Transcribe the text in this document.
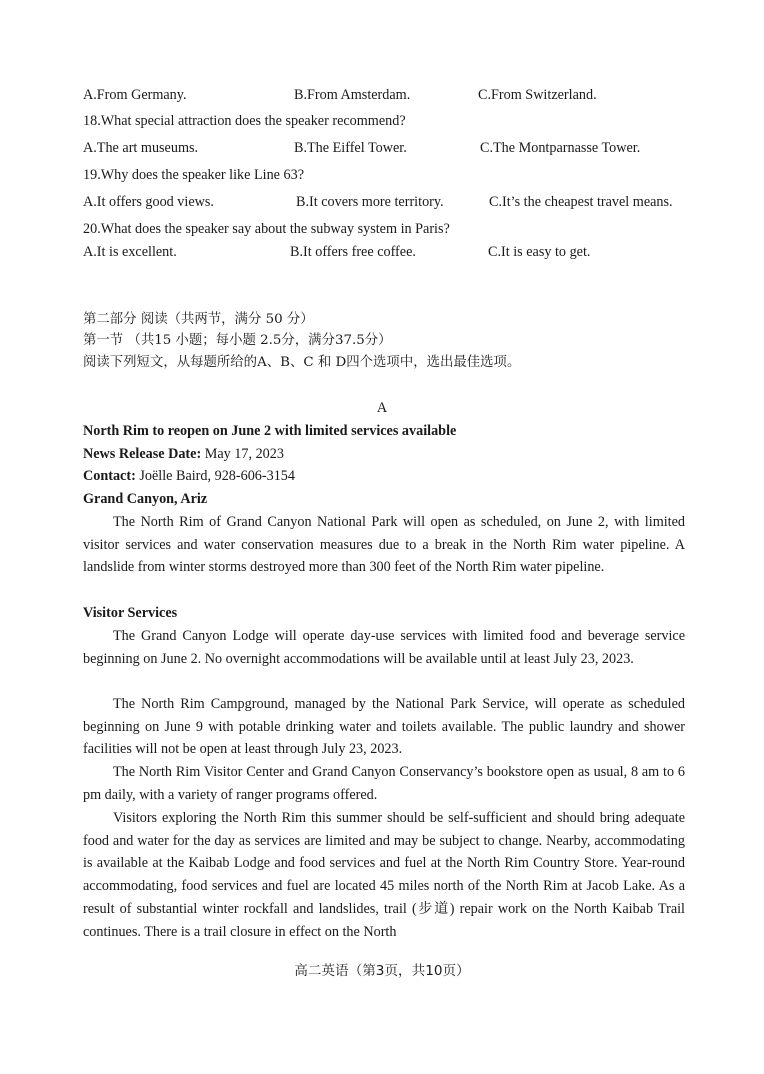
A.From Germany.	B.From Amsterdam.	C.From Switzerland.
18.What special attraction does the speaker recommend?
A.The art museums.	B.The Eiffel Tower.	C.The Montparnasse Tower.
19.Why does the speaker like Line 63?
A.It offers good views.	B.It covers more territory.	C.It’s the cheapest travel means.
20.What does the speaker say about the subway system in Paris?
A.It is excellent.	B.It offers free coffee.	C.It is easy to get.
第二部分 阅读（共两节，满分 50 分）
第一节 （共15 小题；每小题 2.5分，满分37.5分）
阅读下列短文，从每题所给的A、B、C 和 D四个选项中，选出最佳选项。
A
North Rim to reopen on June 2 with limited services available
News Release Date: May 17, 2023
Contact: Joëlle Baird, 928-606-3154
Grand Canyon, Ariz
The North Rim of Grand Canyon National Park will open as scheduled, on June 2, with limited visitor services and water conservation measures due to a break in the North Rim water pipeline. A landslide from winter storms destroyed more than 300 feet of the North Rim water pipeline.
Visitor Services
The Grand Canyon Lodge will operate day-use services with limited food and beverage service beginning on June 2. No overnight accommodations will be available until at least July 23, 2023.
The North Rim Campground, managed by the National Park Service, will operate as scheduled beginning on June 9 with potable drinking water and toilets available. The public laundry and shower facilities will not be open at least through July 23, 2023.
The North Rim Visitor Center and Grand Canyon Conservancy’s bookstore open as usual, 8 am to 6 pm daily, with a variety of ranger programs offered.
Visitors exploring the North Rim this summer should be self-sufficient and should bring adequate food and water for the day as services are limited and may be subject to change. Nearby, accommodating is available at the Kaibab Lodge and food services and fuel at the North Rim Country Store. Year-round accommodating, food services and fuel are located 45 miles north of the North Rim at Jacob Lake. As a result of substantial winter rockfall and landslides, trail (步道) repair work on the North Kaibab Trail continues. There is a trail closure in effect on the North
高二英语（第3页，共10页）
